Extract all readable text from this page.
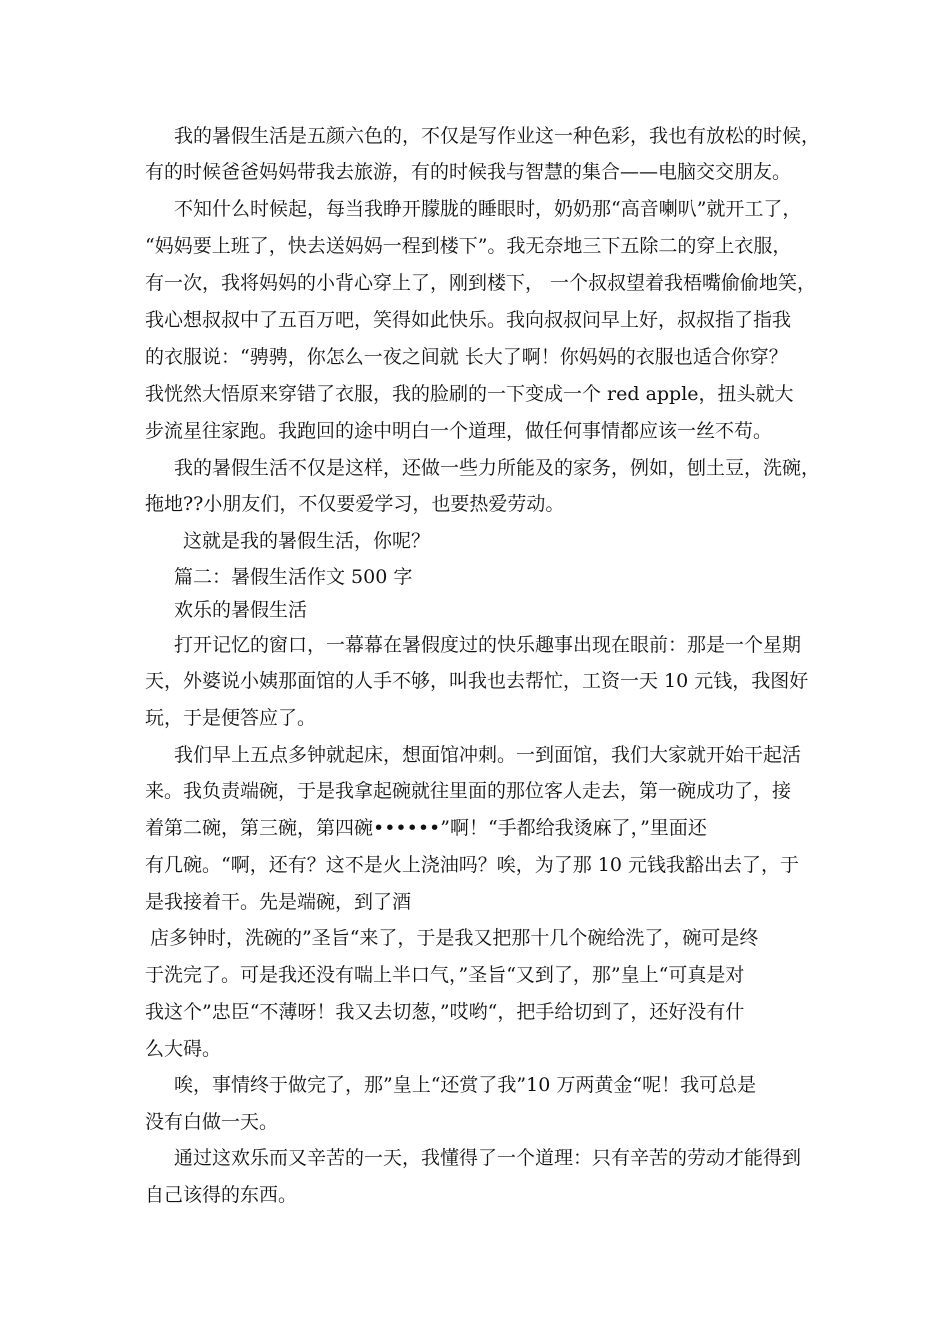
我的暑假生活是五颜六色的，不仅是写作业这一种色彩，我也有放松的时候，
有的时候爸爸妈妈带我去旅游，有的时候我与智慧的集合——电脑交交朋友。
不知什么时候起，每当我睁开朦胧的睡眼时，奶奶那“高音喇叭”就开工了，
“妈妈要上班了，快去送妈妈一程到楼下”。我无奈地三下五除二的穿上衣服，
有一次，我将妈妈的小背心穿上了，刚到楼下， 一个叔叔望着我梧嘴偷偷地笑，
我心想叔叔中了五百万吧，笑得如此快乐。我向叔叔问早上好，叔叔指了指我
的衣服说：“骋骋，你怎么一夜之间就 长大了啊！你妈妈的衣服也适合你穿？
我恍然大悟原来穿错了衣服，我的脸刷的一下变成一个 red apple，扭头就大
步流星往家跑。我跑回的途中明白一个道理，做任何事情都应该一丝不苟。
我的暑假生活不仅是这样，还做一些力所能及的家务，例如，刨土豆，洗碗，
拖地??小朋友们，不仅要爱学习，也要热爱劳动。
这就是我的暑假生活，你呢？
篇二：暑假生活作文 500 字
欢乐的暑假生活
打开记忆的窗口，一幕幕在暑假度过的快乐趣事出现在眼前：那是一个星期
天，外婆说小姨那面馆的人手不够，叫我也去帮忙，工资一天 10 元钱，我图好
玩，于是便答应了。
我们早上五点多钟就起床，想面馆冲刺。一到面馆，我们大家就开始干起活
来。我负责端碗，于是我拿起碗就往里面的那位客人走去，第一碗成功了，接
着第二碗，第三碗，第四碗••••••”啊！“手都给我烫麻了，”里面还
有几碗。“啊，还有？这不是火上浇油吗？唉，为了那 10 元钱我豁出去了，于
是我接着干。先是端碗，到了酒
店多钟时，洗碗的”圣旨“来了，于是我又把那十几个碗给洗了，碗可是终
于洗完了。可是我还没有喘上半口气，”圣旨“又到了，那”皇上“可真是对
我这个”忠臣“不薄呀！我又去切葱，”哎哟“，把手给切到了，还好没有什
么大碍。
唉，事情终于做完了，那”皇上“还赏了我”10 万两黄金“呢！我可总是
没有白做一天。
通过这欢乐而又辛苦的一天，我懂得了一个道理：只有辛苦的劳动才能得到
自己该得的东西。
